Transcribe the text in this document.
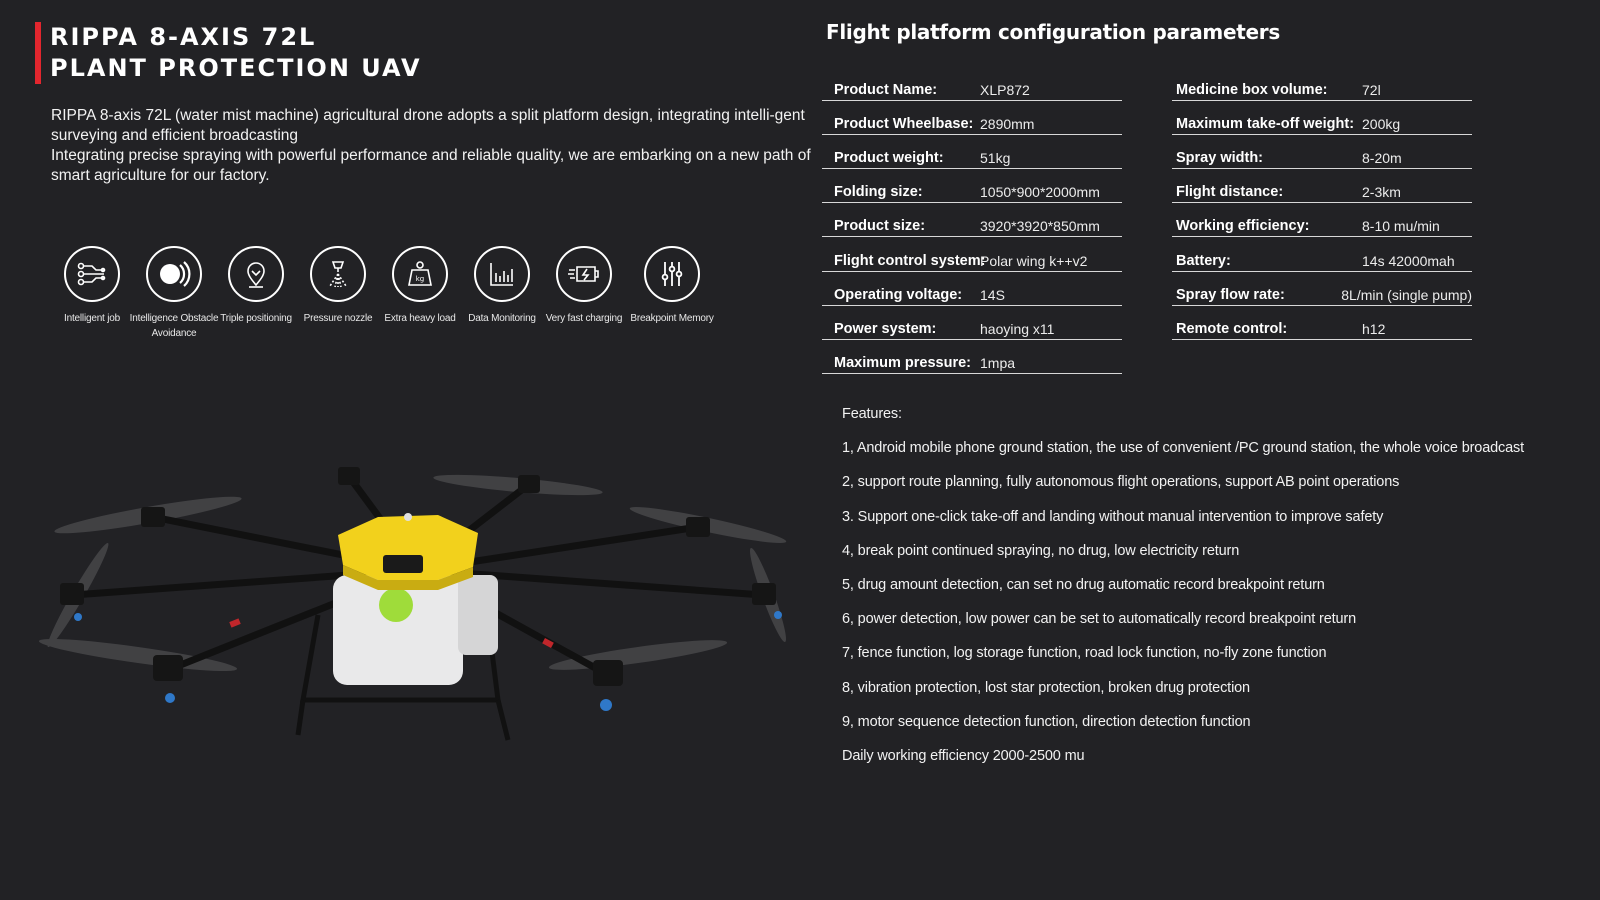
RIPPA 8-AXIS 72L
PLANT PROTECTION UAV

RIPPA 8-axis 72L (water mist machine) agricultural drone adopts a split platform design, integrating intelli-gent surveying and efficient broadcasting

Integrating precise spraying with powerful performance and reliable quality, we are embarking on a new path of smart agriculture for our factory.

Intelligent job Intelligence Obstacle Avoidance
Triple positioning	Pressure nozzle
kg
Extra heavy load	Data Monitoring Very fast charging Breakpoint Memory
Flight platform configuration parameters
Product Name:	XLP872
Product Wheelbase: 2890mm
Product weight:	51kg
Folding size:	1050*900*2000mm
Product size:	3920*3920*850mm
Flight control system:
Polar wing k++v2
Operating voltage:	14S
Power system:	haoying x11
Maximum pressure: 1mpa
Medicine box volume:	72l
Maximum take-off weight: 200kg
Spray width:	8-20m
Flight distance:	2-3km
Working efficiency:	8-10 mu/min
Battery:	14s 42000mah
Spray flow rate:	8L/min (single pump)
Remote control:	h12
Features:
1, Android mobile phone ground station, the use of convenient /PC ground station, the whole voice broadcast
2, support route planning, fully autonomous flight operations, support AB point operations
3. Support one-click take-off and landing without manual intervention to improve safety
4, break point continued spraying, no drug, low electricity return
5, drug amount detection, can set no drug automatic record breakpoint return
6, power detection, low power can be set to automatically record breakpoint return
7, fence function, log storage function, road lock function, no-fly zone function
8, vibration protection, lost star protection, broken drug protection
9, motor sequence detection function, direction detection function
Daily working efficiency 2000-2500 mu
